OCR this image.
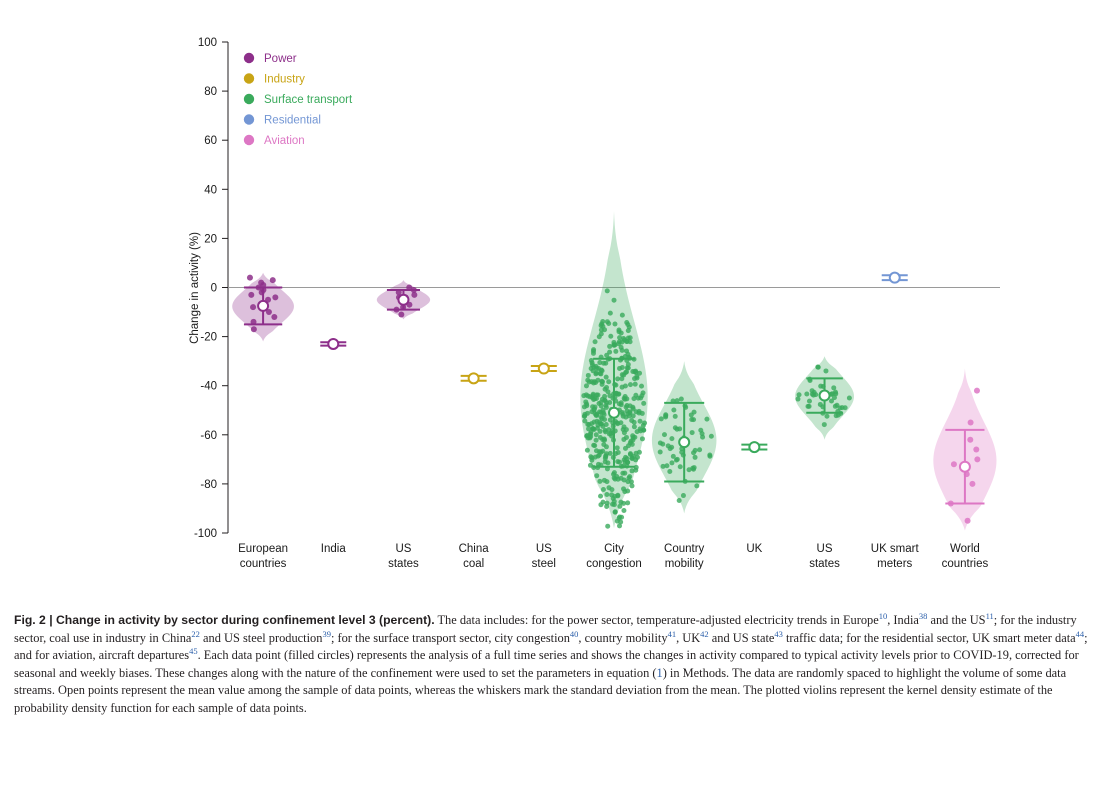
100
80
60
40
20
0
-20
-40
-60
-80
-100
Change in activity (%)
Power
Industry
Surface transport
Residential
Aviation
European
countries
India	US
states
China
coal
US
steel
City
congestion
Country
mobility
UK	US
states
UK smart
meters
World
countries
Fig. 2 | Change in activity by sector during confinement level 3 (percent). The data includes: for the power sector, temperature-adjusted electricity trends in Europe$^{10}$, India$^{38}$ and the US$^{11}$; for the industry sector, coal use in industry in China$^{22}$ and US steel production$^{39}$; for the surface transport sector, city congestion$^{40}$, country mobility$^{41}$, UK$^{42}$ and US state$^{43}$ traffic data; for the residential sector, UK smart meter data$^{44}$; and for aviation, aircraft departures$^{45}$. Each data point (filled circles) represents the analysis of a full time series and shows the changes in activity compared to typical activity levels prior to COVID-19, corrected for seasonal and weekly biases. These changes along with the nature of the confinement were used to set the parameters in equation (1) in Methods. The data are randomly spaced to highlight the volume of some data streams. Open points represent the mean value among the sample of data points, whereas the whiskers mark the standard deviation from the mean. The plotted violins represent the kernel density estimate of the probability density function for each sample of data points.
